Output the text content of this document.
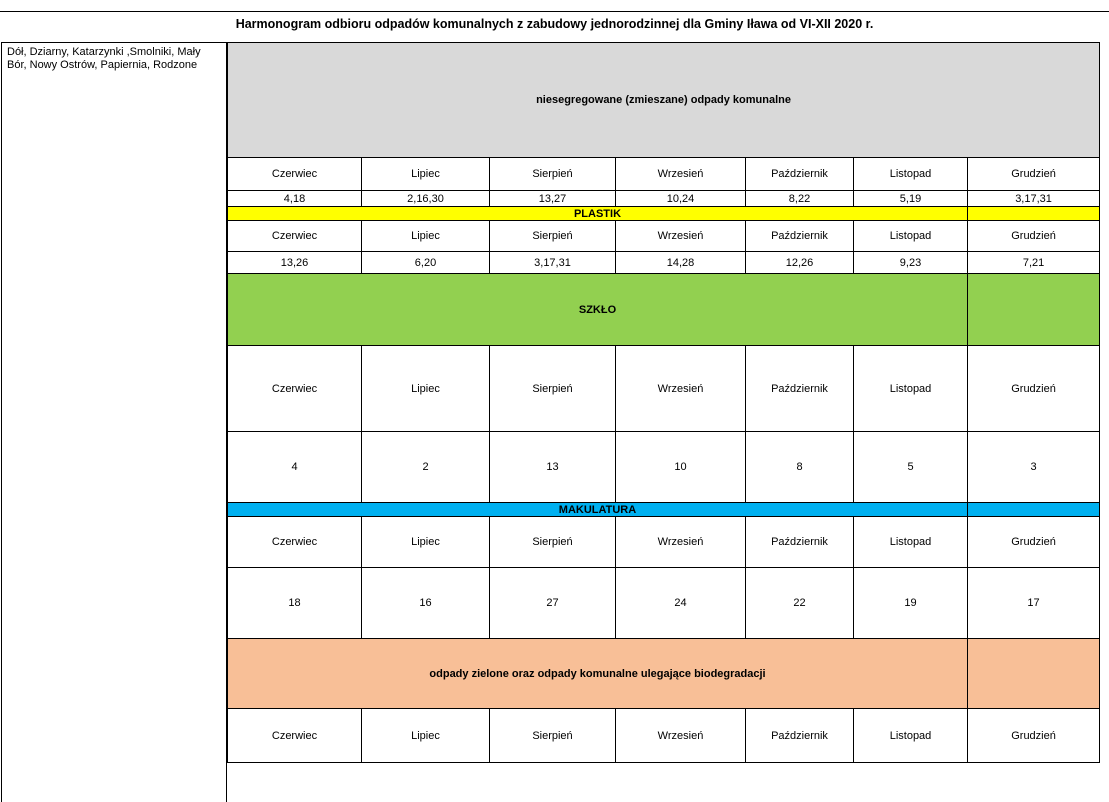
Harmonogram odbioru odpadów komunalnych z zabudowy jednorodzinnej dla Gminy Iława od VI-XII 2020 r.
Dół, Dziarny, Katarzynki ,Smolniki, Mały Bór, Nowy Ostrów, Papiernia, Rodzone
niesegregowane (zmieszane) odpady komunalne						
Czerwiec	Lipiec	Sierpień	Wrzesień	Październik	Listopad	Grudzień
4,18	2,16,30	13,27	10,24	8,22	5,19	3,17,31
PLASTIK						
Czerwiec	Lipiec	Sierpień	Wrzesień	Październik	Listopad	Grudzień
13,26	6,20	3,17,31	14,28	12,26	9,23	7,21
SZKŁO						
Czerwiec	Lipiec	Sierpień	Wrzesień	Październik	Listopad	Grudzień
4	2	13	10	8	5	3
MAKULATURA						
Czerwiec	Lipiec	Sierpień	Wrzesień	Październik	Listopad	Grudzień
18	16	27	24	22	19	17
odpady zielone oraz odpady komunalne ulegające biodegradacji						
Czerwiec	Lipiec	Sierpień	Wrzesień	Październik	Listopad	Grudzień
